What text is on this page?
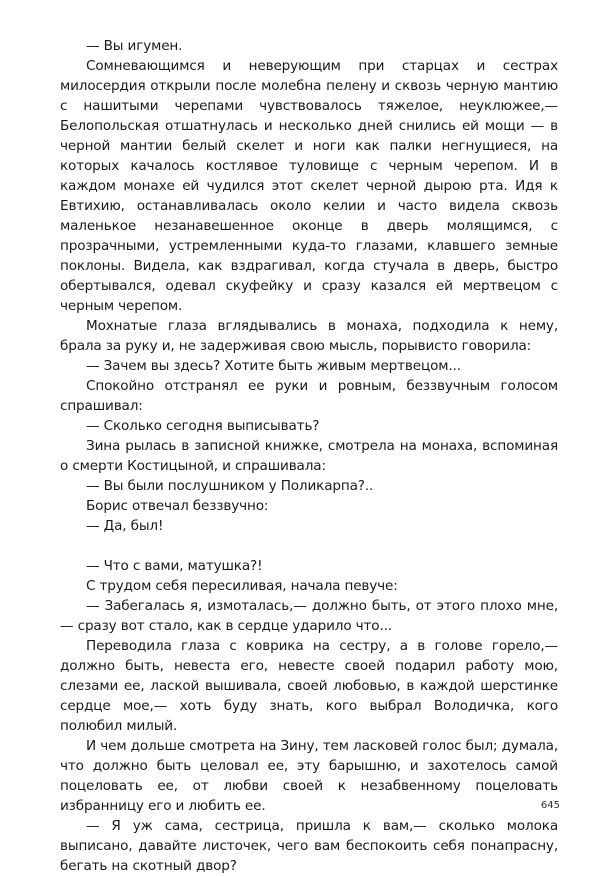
— Вы игумен.

Сомневающимся и неверующим при старцах и сестрах милосердия открыли после молебна пелену и сквозь черную мантию с нашитыми черепами чувствовалось тяжелое, неуклюжее,— Белопольская отшатнулась и несколько дней снились ей мощи — в черной мантии белый скелет и ноги как палки негнущиеся, на которых качалось костлявое туловище с черным черепом. И в каждом монахе ей чудился этот скелет черной дырою рта. Идя к Евтихию, останавливалась около келии и часто видела сквозь маленькое незанавешенное оконце в дверь молящимся, с прозрачными, устремленными куда-то глазами, клавшего земные поклоны. Видела, как вздрагивал, когда стучала в дверь, быстро обертывался, одевал скуфейку и сразу казался ей мертвецом с черным черепом.

Мохнатые глаза вглядывались в монаха, подходила к нему, брала за руку и, не задерживая свою мысль, порывисто говорила:

— Зачем вы здесь? Хотите быть живым мертвецом...

Спокойно отстранял ее руки и ровным, беззвучным голосом спрашивал:

— Сколько сегодня выписывать?

Зина рылась в записной книжке, смотрела на монаха, вспоминая о смерти Костицыной, и спрашивала:

— Вы были послушником у Поликарпа?..

Борис отвечал беззвучно:

— Да, был!

— Что с вами, матушка?!

С трудом себя пересиливая, начала певуче:

— Забегалась я, измоталась,— должно быть, от этого плохо мне, — сразу вот стало, как в сердце ударило что...

Переводила глаза с коврика на сестру, а в голове горело,— должно быть, невеста его, невесте своей подарил работу мою, слезами ее, лаской вышивала, своей любовью, в каждой шерстинке сердце мое,— хоть буду знать, кого выбрал Володичка, кого полюбил милый.

И чем дольше смотрета на Зину, тем ласковей голос был; думала, что должно быть целовал ее, эту барышню, и захотелось самой поцеловать ее, от любви своей к незабвенному поцеловать избранницу его и любить ее.

— Я уж сама, сестрица, пришла к вам,— сколько молока выписано, давайте листочек, чего вам беспокоить себя понапрасну, бегать на скотный двор?

645
